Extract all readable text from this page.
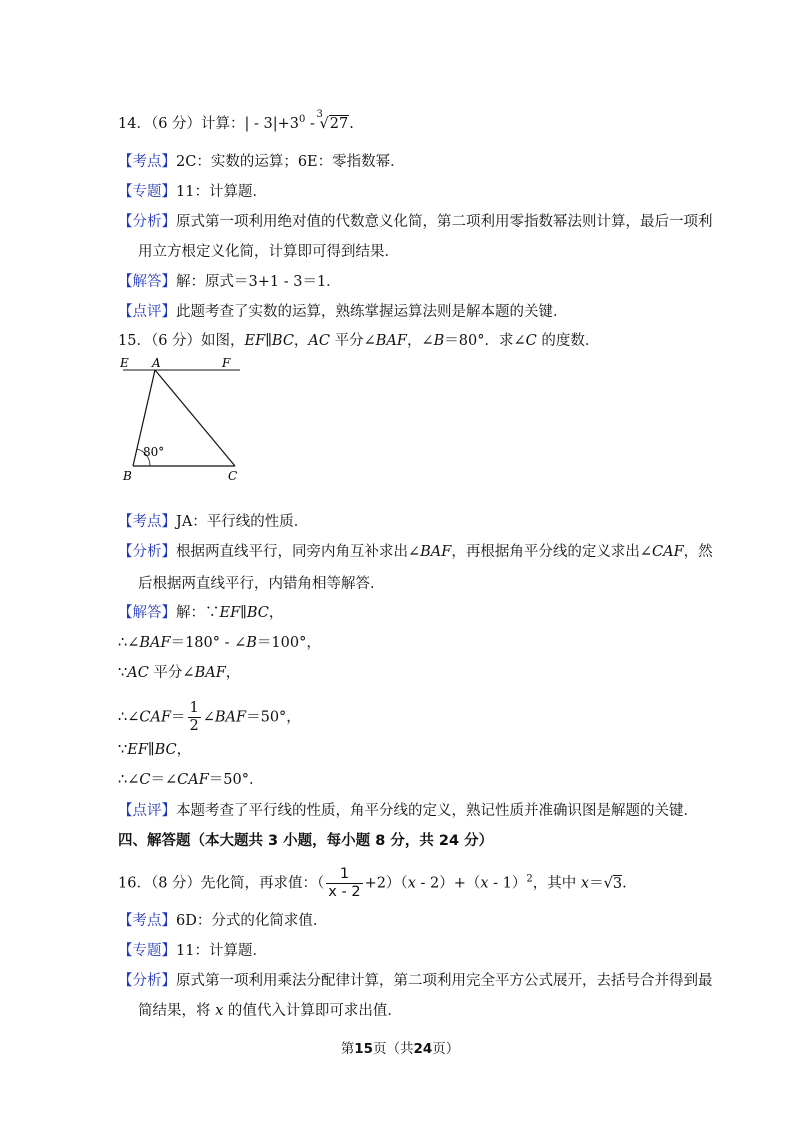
14．（6 分）计算：| - $3|+3^0$ -
3
√27.
【考点】2C：实数的运算；6E：零指数幂．
【专题】11：计算题．
【分析】原式第一项利用绝对值的代数意义化简，第二项利用零指数幂法则计算，最后一项利
用立方根定义化简，计算即可得到结果．
【解答】解：原式＝3+1 - 3＝1．
【点评】此题考查了实数的运算，熟练掌握运算法则是解本题的关键．
15．（6 分）如图，EF∥BC，AC 平分∠BAF，∠B＝80°．求∠C 的度数．
E A	F
B	C
80°
【考点】JA：平行线的性质．
【分析】根据两直线平行，同旁内角互补求出∠BAF，再根据角平分线的定义求出∠CAF，然
后根据两直线平行，内错角相等解答．
【解答】解：∵EF∥BC，
∴∠BAF＝180° - ∠B＝100°，
∵AC 平分∠BAF，
∴∠CAF＝ $\frac{1}{2}$ ∠BAF＝50°，
∵EF∥BC，
∴∠C＝∠CAF＝50°．
【点评】本题考查了平行线的性质，角平分线的定义，熟记性质并准确识图是解题的关键．
四、解答题（本大题共 3 小题，每小题 8 分，共 24 分）
16．（8 分）先化简，再求值：（ $\frac{1}{x - 2} +2)(x - 2)+(x - 1)^2$，其中 x＝√3.
【考点】6D：分式的化简求值．
【专题】11：计算题．
【分析】原式第一项利用乘法分配律计算，第二项利用完全平方公式展开，去括号合并得到最
简结果，将 x 的值代入计算即可求出值．
第15页（共24页）
